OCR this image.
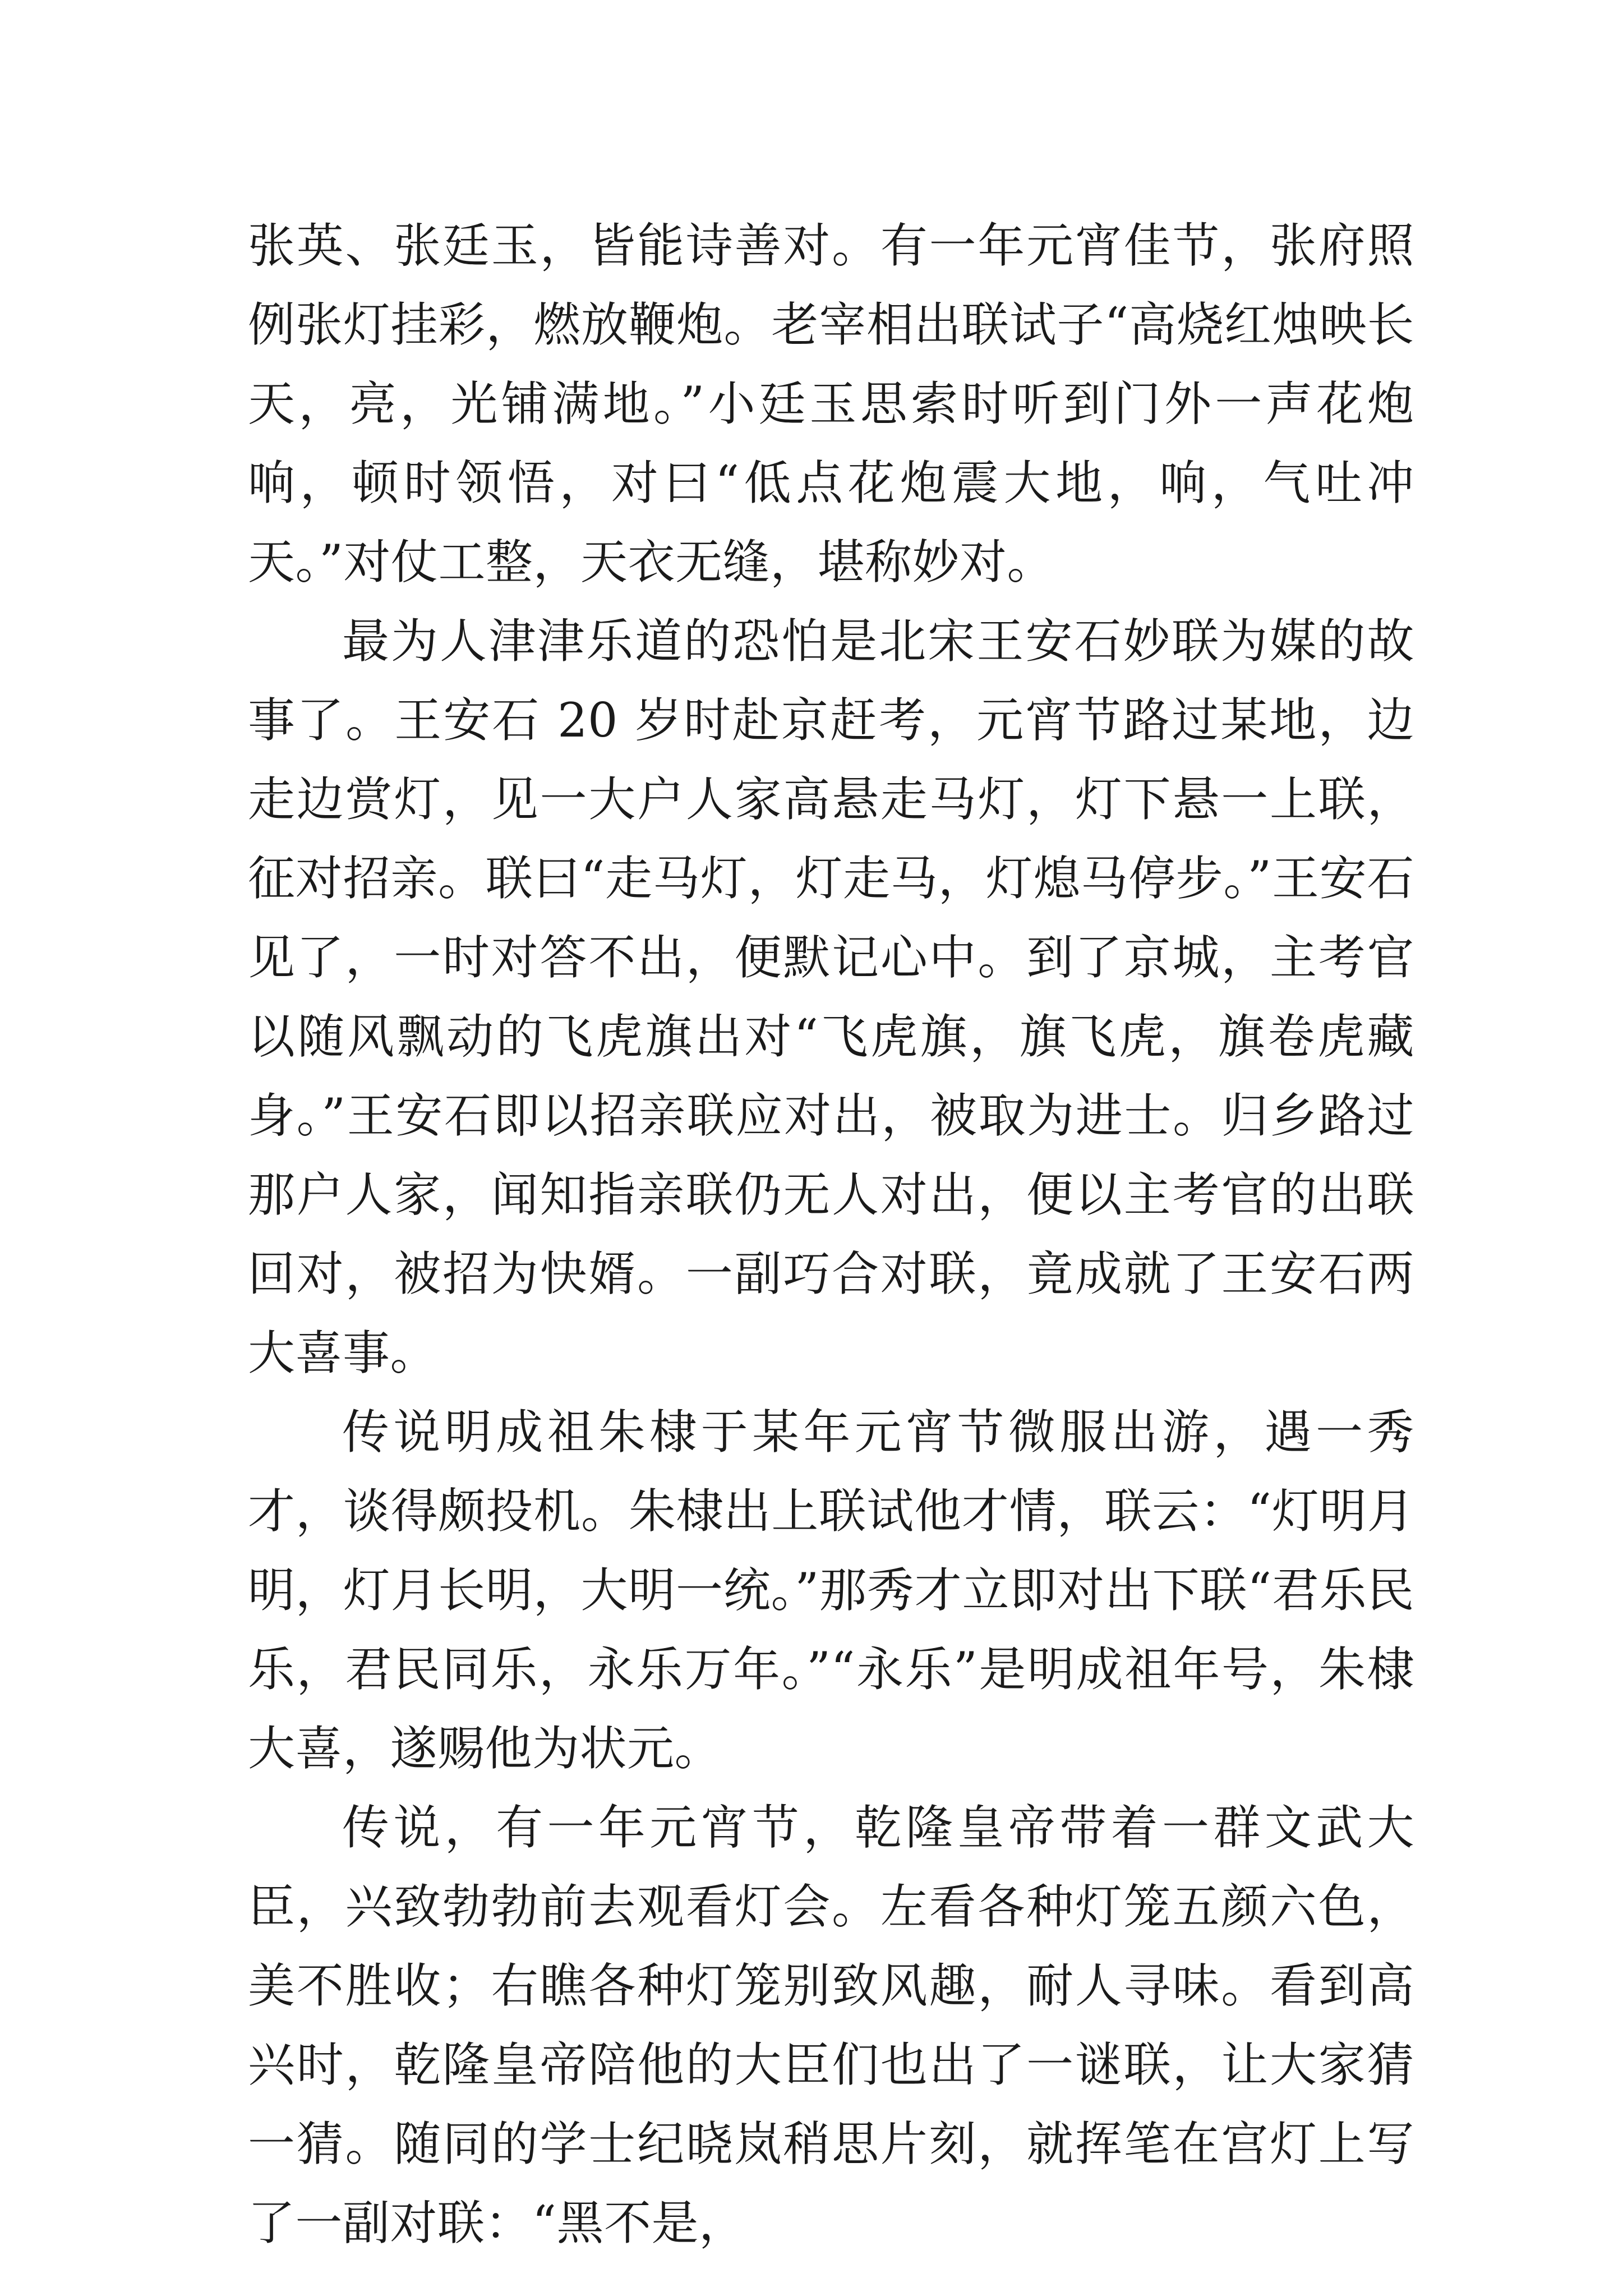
张英、张廷玉，皆能诗善对。有一年元宵佳节，张府照例张灯挂彩，燃放鞭炮。老宰相出联试子“高烧红烛映长天，亮，光铺满地。”小廷玉思索时听到门外一声花炮响，顿时领悟，对曰“低点花炮震大地，响，气吐冲天。”对仗工整，天衣无缝，堪称妙对。

最为人津津乐道的恐怕是北宋王安石妙联为媒的故事了。王安石 20 岁时赴京赶考，元宵节路过某地，边走边赏灯，见一大户人家高悬走马灯，灯下悬一上联，征对招亲。联曰“走马灯，灯走马，灯熄马停步。”王安石见了，一时对答不出，便默记心中。到了京城，主考官以随风飘动的飞虎旗出对“飞虎旗，旗飞虎，旗卷虎藏身。”王安石即以招亲联应对出，被取为进士。归乡路过那户人家，闻知指亲联仍无人对出，便以主考官的出联回对，被招为快婿。一副巧合对联，竟成就了王安石两大喜事。

传说明成祖朱棣于某年元宵节微服出游，遇一秀才，谈得颇投机。朱棣出上联试他才情，联云：“灯明月明，灯月长明，大明一统。”那秀才立即对出下联“君乐民乐，君民同乐，永乐万年。”“永乐”是明成祖年号，朱棣大喜，遂赐他为状元。

传说，有一年元宵节，乾隆皇帝带着一群文武大臣，兴致勃勃前去观看灯会。左看各种灯笼五颜六色，美不胜收；右瞧各种灯笼别致风趣，耐人寻味。看到高兴时，乾隆皇帝陪他的大臣们也出了一谜联，让大家猜一猜。随同的学士纪晓岚稍思片刻，就挥笔在宫灯上写了一副对联：“黑不是，
